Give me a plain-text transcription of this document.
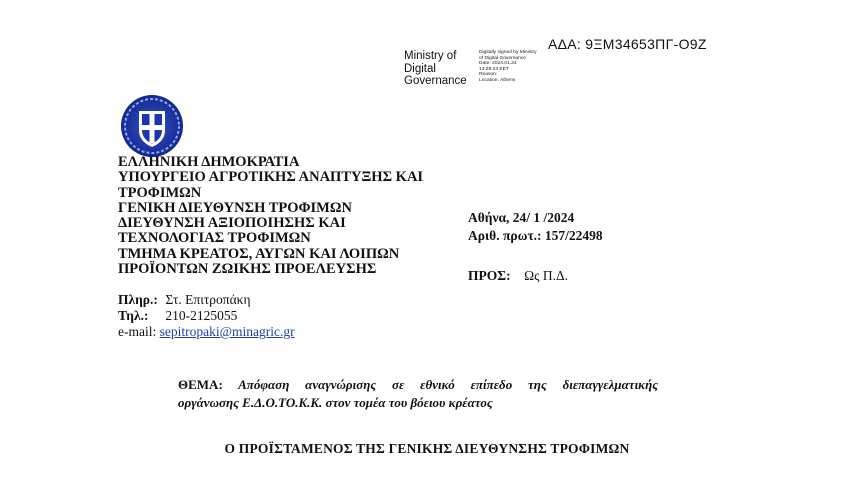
ΑΔΑ: 9ΞΜ34653ΠΓ-Ο9Ζ
Ministry of
Digital
Governance
Digitally signed by Ministry
of Digital Governance
Date: 2024.01.24
13:29:23 EET
Reason:
Location: Athens
ΕΛΛΗΝΙΚΗ ΔΗΜΟΚΡΑΤΙΑ
ΥΠΟΥΡΓΕΙΟ ΑΓΡΟΤΙΚΗΣ ΑΝΑΠΤΥΞΗΣ ΚΑΙ
ΤΡΟΦΙΜΩΝ
ΓΕΝΙΚΗ ΔΙΕΥΘΥΝΣΗ ΤΡΟΦΙΜΩΝ
ΔΙΕΥΘΥΝΣΗ ΑΞΙΟΠΟΙΗΣΗΣ ΚΑΙ
ΤΕΧΝΟΛΟΓΙΑΣ ΤΡΟΦΙΜΩΝ
ΤΜΗΜΑ ΚΡΕΑΤΟΣ, ΑΥΓΩΝ ΚΑΙ ΛΟΙΠΩΝ
ΠΡΟΪΟΝΤΩΝ ΖΩΙΚΗΣ ΠΡΟΕΛΕΥΣΗΣ
Πληρ.: Στ. Επιτροπάκη
Τηλ.: 210-2125055
e-mail: sepitropaki@minagric.gr
Αθήνα, 24/ 1 /2024
Αριθ. πρωτ.: 157/22498
ΠΡΟΣ: Ως Π.Δ.
ΘΕΜΑ: Απόφαση αναγνώρισης σε εθνικό επίπεδο της διεπαγγελματικής
οργάνωσης Ε.Δ.Ο.ΤΟ.Κ.Κ. στον τομέα του βόειου κρέατος
Ο ΠΡΟΪΣΤΑΜΕΝΟΣ ΤΗΣ ΓΕΝΙΚΗΣ ΔΙΕΥΘΥΝΣΗΣ ΤΡΟΦΙΜΩΝ
